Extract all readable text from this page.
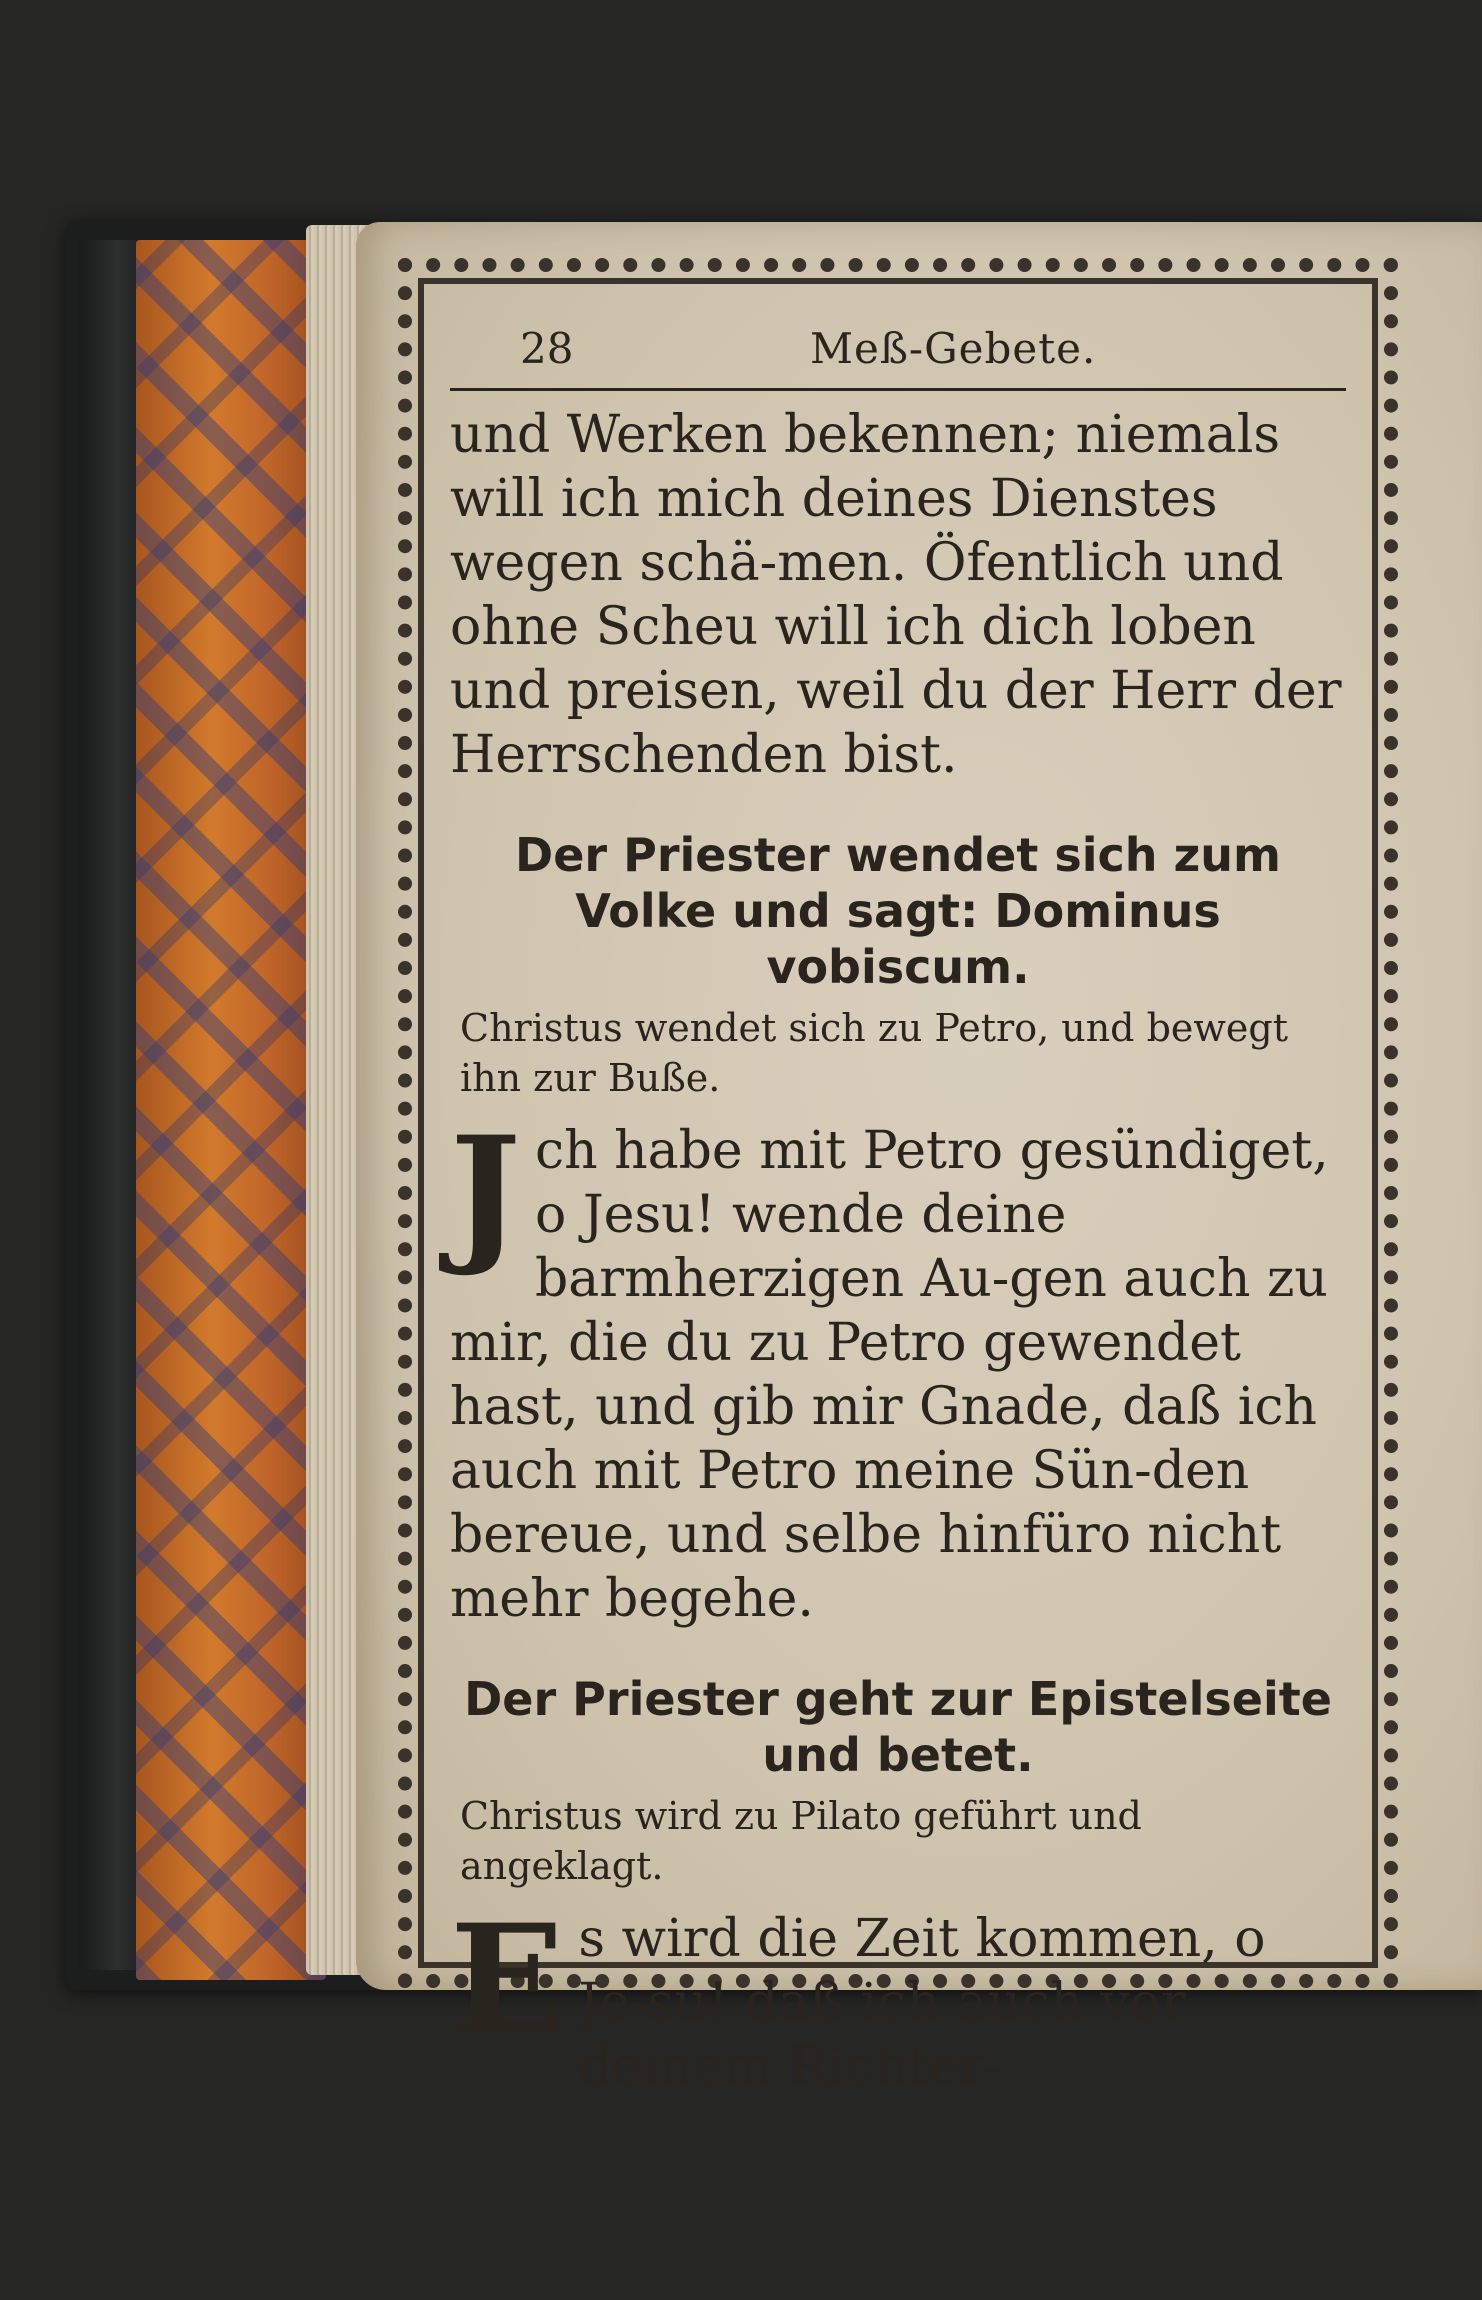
28	Meß-Gebete.

und Werken bekennen; niemals will ich mich deines Dienstes wegen schä-men. Öfentlich und ohne Scheu will ich dich loben und preisen, weil du der Herr der Herrschenden bist.

Der Priester wendet sich zum Volke und sagt: Dominus vobiscum.

Christus wendet sich zu Petro, und bewegt ihn zur Buße.

J ch habe mit Petro gesündiget, o Jesu! wende deine barmherzigen Au-gen auch zu mir, die du zu Petro gewendet hast, und gib mir Gnade, daß ich auch mit Petro meine Sün-den bereue, und selbe hinfüro nicht mehr begehe.

Der Priester geht zur Epistelseite und betet.

Christus wird zu Pilato geführt und angeklagt.

E s wird die Zeit kommen, o Je-su! daß ich auch vor deinem Richter-
